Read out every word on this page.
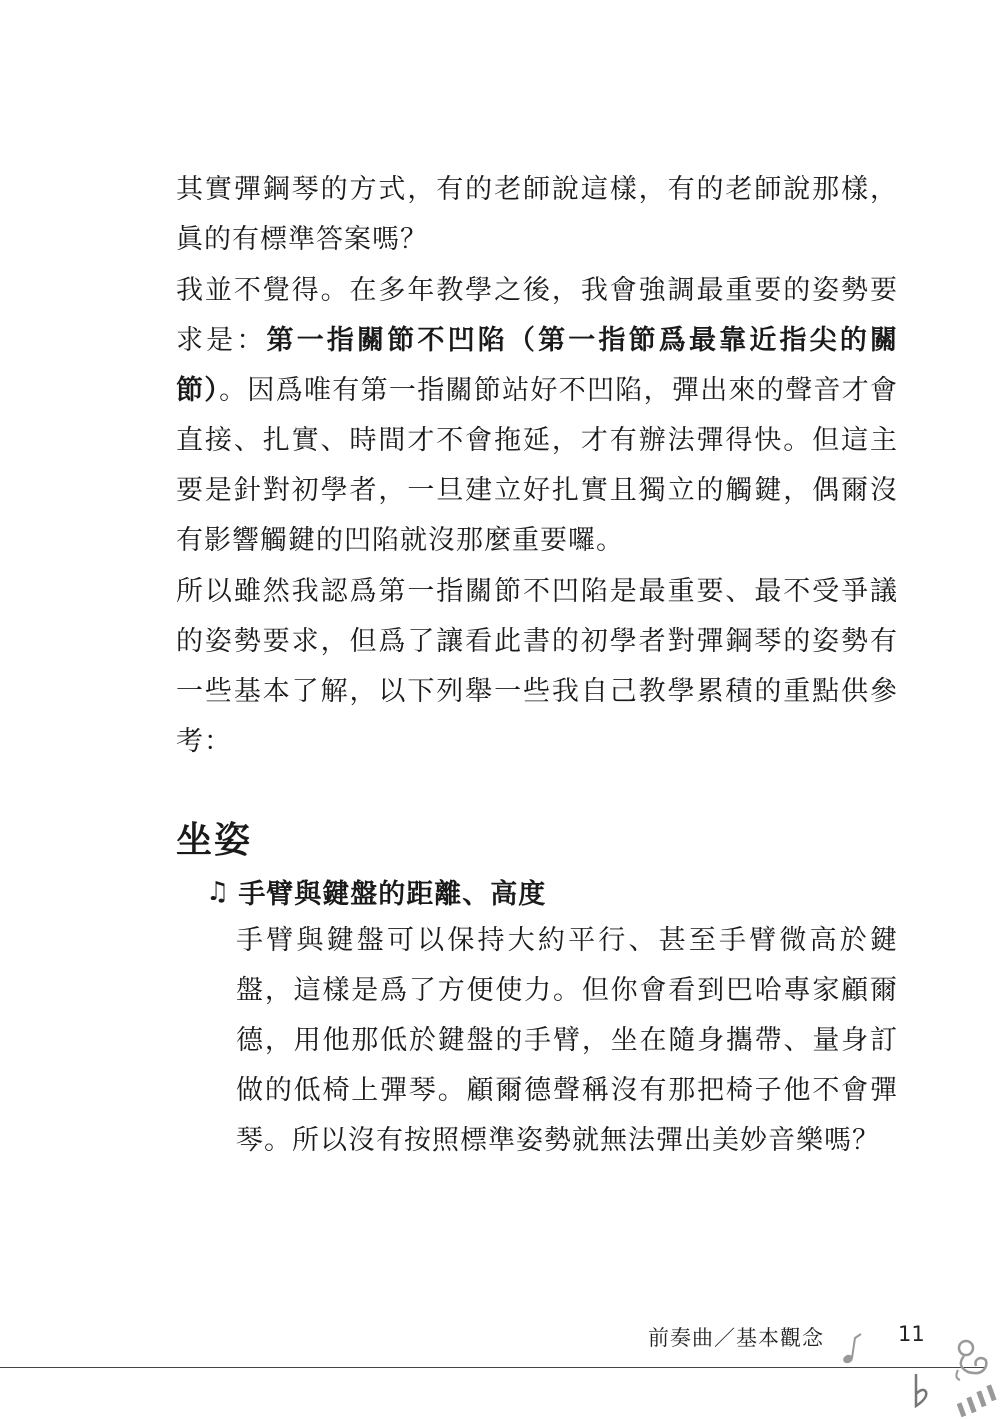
其實彈鋼琴的方式，有的老師說這樣，有的老師說那樣，眞的有標準答案嗎？

我並不覺得。在多年教學之後，我會強調最重要的姿勢要求是：第一指關節不凹陷（第一指節爲最靠近指尖的關節）。因爲唯有第一指關節站好不凹陷，彈出來的聲音才會直接、扎實、時間才不會拖延，才有辦法彈得快。但這主要是針對初學者，一旦建立好扎實且獨立的觸鍵，偶爾沒有影響觸鍵的凹陷就沒那麼重要囉。

所以雖然我認爲第一指關節不凹陷是最重要、最不受爭議的姿勢要求，但爲了讓看此書的初學者對彈鋼琴的姿勢有一些基本了解，以下列舉一些我自己教學累積的重點供參考：

坐姿
♫ 手臂與鍵盤的距離、高度

手臂與鍵盤可以保持大約平行、甚至手臂微高於鍵盤，這樣是爲了方便使力。但你會看到巴哈專家顧爾德，用他那低於鍵盤的手臂，坐在隨身攜帶、量身訂做的低椅上彈琴。顧爾德聲稱沒有那把椅子他不會彈琴。所以沒有按照標準姿勢就無法彈出美妙音樂嗎？

前奏曲／基本觀念	11
